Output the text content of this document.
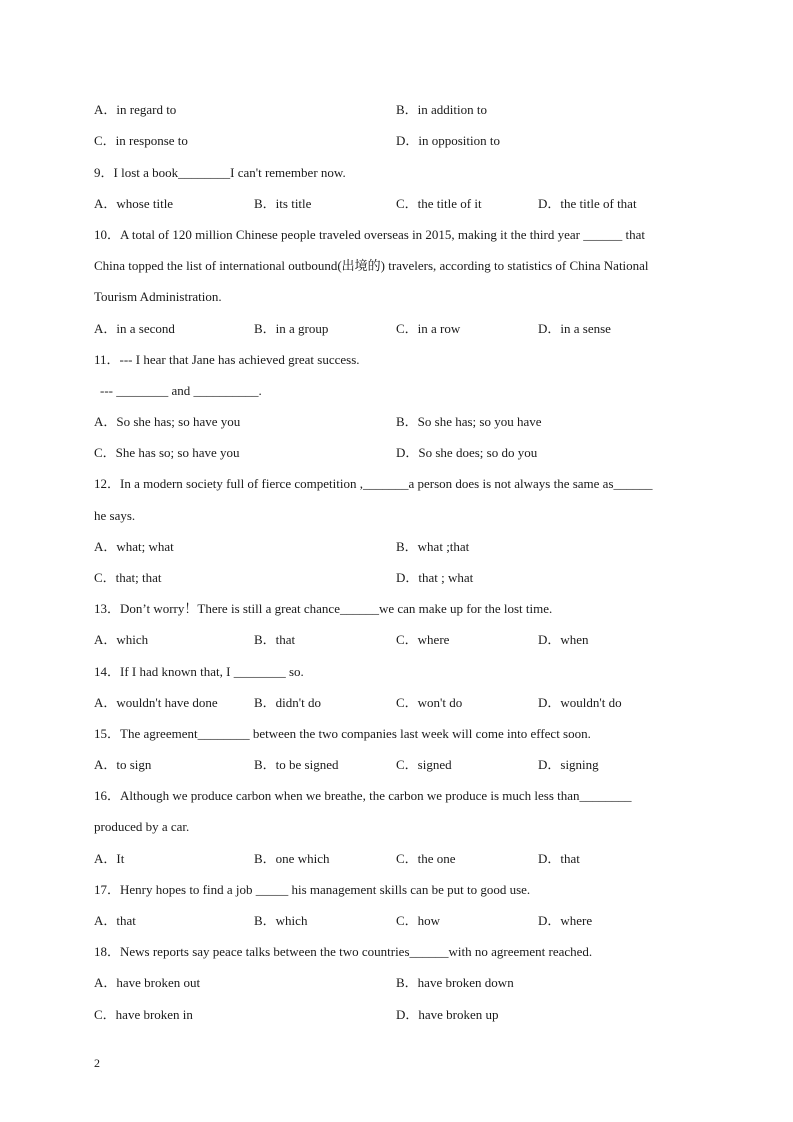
A．in regard to	B．in addition to
C．in response to	D．in opposition to
9．I lost a book________I can't remember now.
A．whose title	B．its title	C．the title of it	D．the title of that
10．A total of 120 million Chinese people traveled overseas in 2015, making it the third year ______ that
China topped the list of international outbound(出境的) travelers, according to statistics of China National
Tourism Administration.
A．in a second	B．in a group	C．in a row	D．in a sense
11．--- I hear that Jane has achieved great success.
--- ________ and __________.
A．So she has; so have you	B．So she has; so you have
C．She has so; so have you	D．So she does; so do you
12．In a modern society full of fierce competition ,_______a person does is not always the same as______
he says.
A．what; what	B．what ;that
C．that; that	D．that ; what
13．Don’t worry！There is still a great chance______we can make up for the lost time.
A．which	B．that	C．where	D．when
14．If I had known that, I ________ so.
A．wouldn't have done	B．didn't do	C．won't do	D．wouldn't do
15．The agreement________ between the two companies last week will come into effect soon.
A．to sign	B．to be signed	C．signed	D．signing
16．Although we produce carbon when we breathe, the carbon we produce is much less than________
produced by a car.
A．It	B．one which	C．the one	D．that
17．Henry hopes to find a job _____ his management skills can be put to good use.
A．that	B．which	C．how	D．where
18．News reports say peace talks between the two countries______with no agreement reached.
A．have broken out	B．have broken down
C．have broken in	D．have broken up
2
